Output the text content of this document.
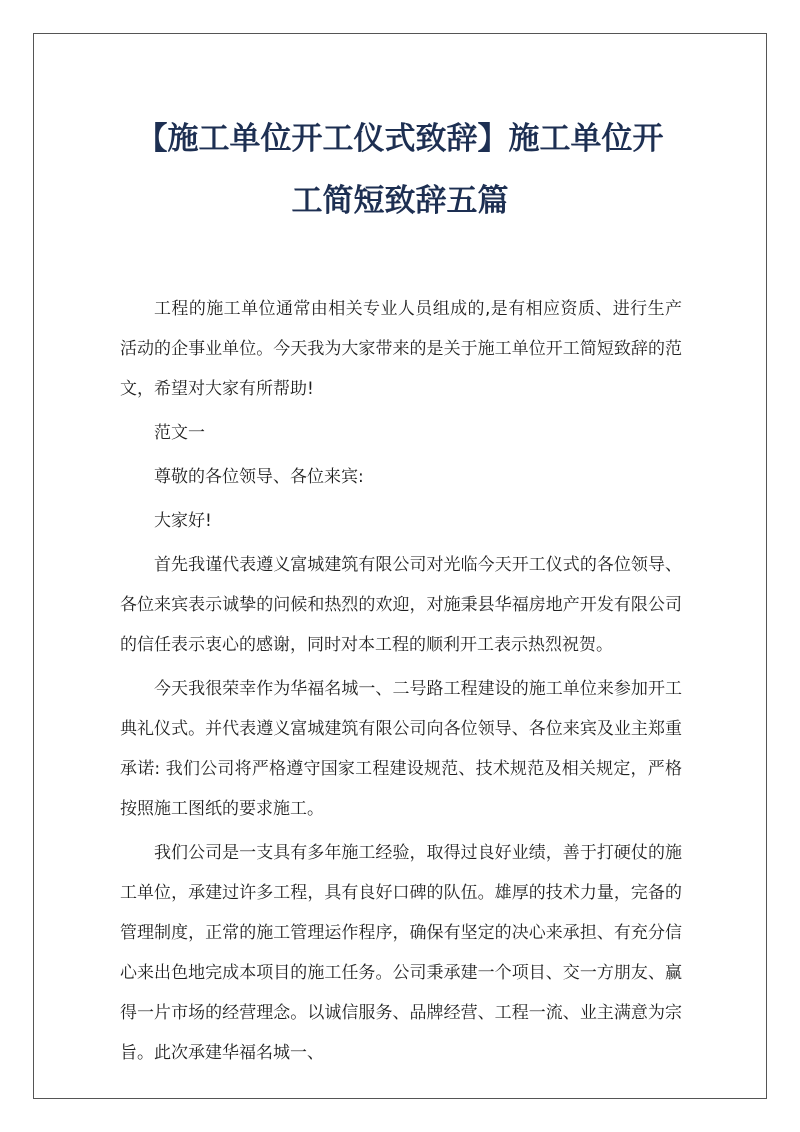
【施工单位开工仪式致辞】施工单位开
工简短致辞五篇

工程的施工单位通常由相关专业人员组成的,是有相应资质、进行生产活动的企事业单位。今天我为大家带来的是关于施工单位开工简短致辞的范文，希望对大家有所帮助!

范文一

尊敬的各位领导、各位来宾:

大家好!

首先我谨代表遵义富城建筑有限公司对光临今天开工仪式的各位领导、各位来宾表示诚挚的问候和热烈的欢迎，对施秉县华福房地产开发有限公司的信任表示衷心的感谢，同时对本工程的顺利开工表示热烈祝贺。

今天我很荣幸作为华福名城一、二号路工程建设的施工单位来参加开工典礼仪式。并代表遵义富城建筑有限公司向各位领导、各位来宾及业主郑重承诺: 我们公司将严格遵守国家工程建设规范、技术规范及相关规定，严格按照施工图纸的要求施工。

我们公司是一支具有多年施工经验，取得过良好业绩，善于打硬仗的施工单位，承建过许多工程，具有良好口碑的队伍。雄厚的技术力量，完备的管理制度，正常的施工管理运作程序，确保有坚定的决心来承担、有充分信心来出色地完成本项目的施工任务。公司秉承建一个项目、交一方朋友、赢得一片市场的经营理念。以诚信服务、品牌经营、工程一流、业主满意为宗旨。此次承建华福名城一、
